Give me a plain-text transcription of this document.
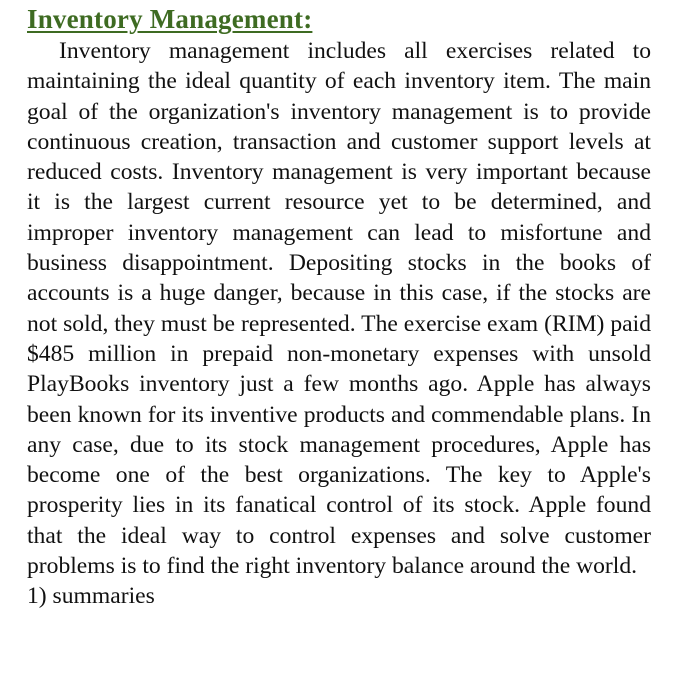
Inventory Management:

Inventory management includes all exercises related to maintaining the ideal quantity of each inventory item. The main goal of the organization's inventory management is to provide continuous creation, transaction and customer support levels at reduced costs. Inventory management is very important because it is the largest current resource yet to be determined, and improper inventory management can lead to misfortune and business disappointment. Depositing stocks in the books of accounts is a huge danger, because in this case, if the stocks are not sold, they must be represented. The exercise exam (RIM) paid $485 million in prepaid non-monetary expenses with unsold PlayBooks inventory just a few months ago. Apple has always been known for its inventive products and commendable plans. In any case, due to its stock management procedures, Apple has become one of the best organizations. The key to Apple's prosperity lies in its fanatical control of its stock. Apple found that the ideal way to control expenses and solve customer problems is to find the right inventory balance around the world.

1) summaries
